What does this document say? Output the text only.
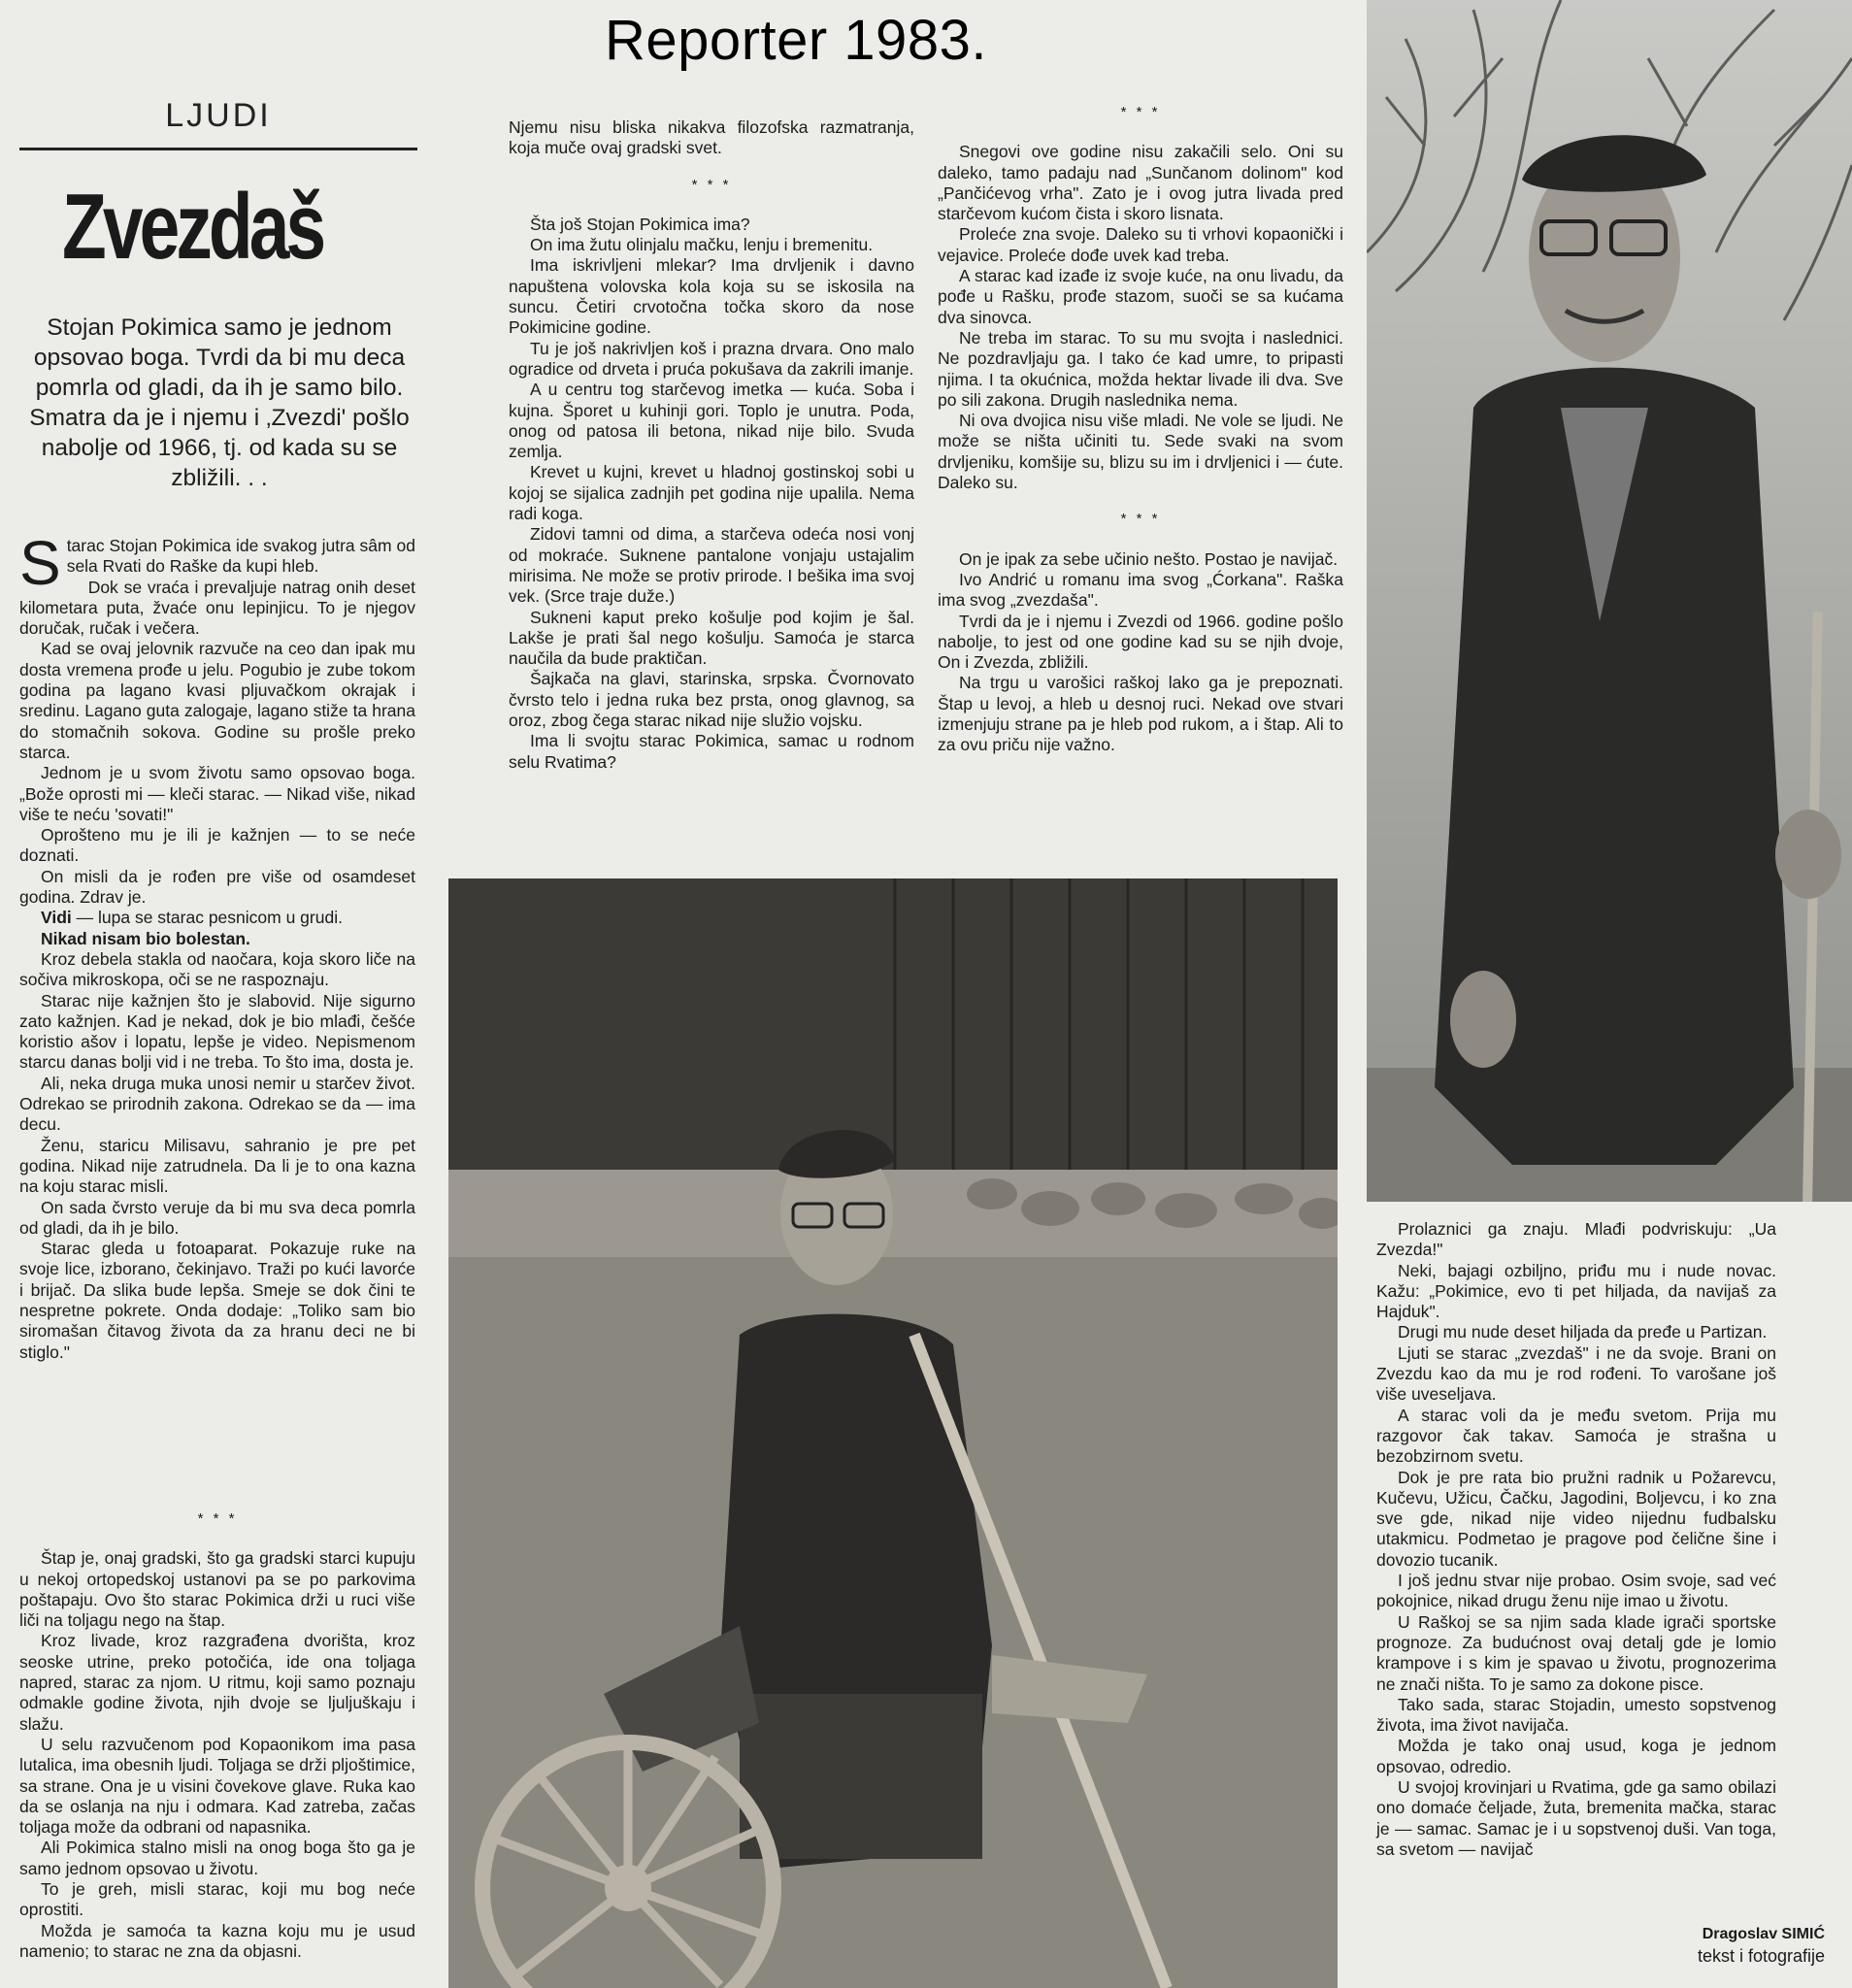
Reporter 1983.
LJUDI
Zvezdaš
Stojan Pokimica samo je jednom opsovao boga. Tvrdi da bi mu deca pomrla od gladi, da ih je samo bilo. Smatra da je i njemu i ‚Zvezdi' pošlo nabolje od 1966, tj. od kada su se zbližili. . .

Starac Stojan Pokimica ide svakog jutra sâm od sela Rvati do Raške da kupi hleb.

Dok se vraća i prevaljuje natrag onih deset kilometara puta, žvaće onu lepinjicu. To je njegov doručak, ručak i večera.

Kad se ovaj jelovnik razvuče na ceo dan ipak mu dosta vremena prođe u jelu. Pogubio je zube tokom godina pa lagano kvasi pljuvačkom okrajak i sredinu. Lagano guta zalogaje, lagano stiže ta hrana do stomačnih sokova. Godine su prošle preko starca.

Jednom je u svom životu samo opsovao boga. „Bože oprosti mi — kleči starac. — Nikad više, nikad više te neću 'sovati!"

Oprošteno mu je ili je kažnjen — to se neće doznati.

On misli da je rođen pre više od osamdeset godina. Zdrav je.

Vidi — lupa se starac pesnicom u grudi.

Nikad nisam bio bolestan.

Kroz debela stakla od naočara, koja skoro liče na sočiva mikroskopa, oči se ne raspoznaju.

Starac nije kažnjen što je slabovid. Nije sigurno zato kažnjen. Kad je nekad, dok je bio mlađi, češće koristio ašov i lopatu, lepše je video. Nepismenom starcu danas bolji vid i ne treba. To što ima, dosta je.

Ali, neka druga muka unosi nemir u starčev život. Odrekao se prirodnih zakona. Odrekao se da — ima decu.

Ženu, staricu Milisavu, sahranio je pre pet godina. Nikad nije zatrudnela. Da li je to ona kazna na koju starac misli.

On sada čvrsto veruje da bi mu sva deca pomrla od gladi, da ih je bilo.

Starac gleda u fotoaparat. Pokazuje ruke na svoje lice, izborano, čekinjavo. Traži po kući lavorće i brijač. Da slika bude lepša. Smeje se dok čini te nespretne pokrete. Onda dodaje: „Toliko sam bio siromašan čitavog života da za hranu deci ne bi stiglo."

* * *

Štap je, onaj gradski, što ga gradski starci kupuju u nekoj ortopedskoj ustanovi pa se po parkovima poštapaju. Ovo što starac Pokimica drži u ruci više liči na toljagu nego na štap.

Kroz livade, kroz razgrađena dvorišta, kroz seoske utrine, preko potočića, ide ona toljaga napred, starac za njom. U ritmu, koji samo poznaju odmakle godine života, njih dvoje se ljuljuškaju i slažu.

U selu razvučenom pod Kopaonikom ima pasa lutalica, ima obesnih ljudi. Toljaga se drži pljoštimice, sa strane. Ona je u visini čovekove glave. Ruka kao da se oslanja na nju i odmara. Kad zatreba, začas toljaga može da odbrani od napasnika.

Ali Pokimica stalno misli na onog boga što ga je samo jednom opsovao u životu.

To je greh, misli starac, koji mu bog neće oprostiti.

Možda je samoća ta kazna koju mu je usud namenio; to starac ne zna da objasni.

Njemu nisu bliska nikakva filozofska razmatranja, koja muče ovaj gradski svet.

* * *

Šta još Stojan Pokimica ima?

On ima žutu olinjalu mačku, lenju i bremenitu.

Ima iskrivljeni mlekar? Ima drvljenik i davno napuštena volovska kola koja su se iskosila na suncu. Četiri crvotočna točka skoro da nose Pokimicine godine.

Tu je još nakrivljen koš i prazna drvara. Ono malo ogradice od drveta i pruća pokušava da zakrili imanje.

A u centru tog starčevog imetka — kuća. Soba i kujna. Šporet u kuhinji gori. Toplo je unutra. Poda, onog od patosa ili betona, nikad nije bilo. Svuda zemlja.

Krevet u kujni, krevet u hladnoj gostinskoj sobi u kojoj se sijalica zadnjih pet godina nije upalila. Nema radi koga.

Zidovi tamni od dima, a starčeva odeća nosi vonj od mokraće. Suknene pantalone vonjaju ustajalim mirisima. Ne može se protiv prirode. I bešika ima svoj vek. (Srce traje duže.)

Sukneni kaput preko košulje pod kojim je šal. Lakše je prati šal nego košulju. Samoća je starca naučila da bude praktičan.

Šajkača na glavi, starinska, srpska. Čvornovato čvrsto telo i jedna ruka bez prsta, onog glavnog, sa oroz, zbog čega starac nikad nije služio vojsku.

Ima li svojtu starac Pokimica, samac u rodnom selu Rvatima?

* * *

Snegovi ove godine nisu zakačili selo. Oni su daleko, tamo padaju nad „Sunčanom dolinom" kod „Pančićevog vrha". Zato je i ovog jutra livada pred starčevom kućom čista i skoro lisnata.

Proleće zna svoje. Daleko su ti vrhovi kopaonički i vejavice. Proleće dođe uvek kad treba.

A starac kad izađe iz svoje kuće, na onu livadu, da pođe u Rašku, prođe stazom, suoči se sa kućama dva sinovca.

Ne treba im starac. To su mu svojta i naslednici. Ne pozdravljaju ga. I tako će kad umre, to pripasti njima. I ta okućnica, možda hektar livade ili dva. Sve po sili zakona. Drugih naslednika nema.

Ni ova dvojica nisu više mladi. Ne vole se ljudi. Ne može se ništa učiniti tu. Sede svaki na svom drvljeniku, komšije su, blizu su im i drvljenici i — ćute. Daleko su.

* * *

On je ipak za sebe učinio nešto. Postao je navijač.

Ivo Andrić u romanu ima svog „Ćorkana". Raška ima svog „zvezdaša".

Tvrdi da je i njemu i Zvezdi od 1966. godine pošlo nabolje, to jest od one godine kad su se njih dvoje, On i Zvezda, zbližili.

Na trgu u varošici raškoj lako ga je prepoznati. Štap u levoj, a hleb u desnoj ruci. Nekad ove stvari izmenjuju strane pa je hleb pod rukom, a i štap. Ali to za ovu priču nije važno.

Prolaznici ga znaju. Mlađi podvriskuju: „Ua Zvezda!"

Neki, bajagi ozbiljno, priđu mu i nude novac. Kažu: „Pokimice, evo ti pet hiljada, da navijaš za Hajduk".

Drugi mu nude deset hiljada da pređe u Partizan.

Ljuti se starac „zvezdaš" i ne da svoje. Brani on Zvezdu kao da mu je rod rođeni. To varošane još više uveseljava.

A starac voli da je među svetom. Prija mu razgovor čak takav. Samoća je strašna u bezobzirnom svetu.

Dok je pre rata bio pružni radnik u Požarevcu, Kučevu, Užicu, Čačku, Jagodini, Boljevcu, i ko zna sve gde, nikad nije video nijednu fudbalsku utakmicu. Podmetao je pragove pod čelične šine i dovozio tucanik.

I još jednu stvar nije probao. Osim svoje, sad već pokojnice, nikad drugu ženu nije imao u životu.

U Raškoj se sa njim sada klade igrači sportske prognoze. Za budućnost ovaj detalj gde je lomio krampove i s kim je spavao u životu, prognozerima ne znači ništa. To je samo za dokone pisce.

Tako sada, starac Stojadin, umesto sopstvenog života, ima život navijača.

Možda je tako onaj usud, koga je jednom opsovao, odredio.

U svojoj krovinjari u Rvatima, gde ga samo obilazi ono domaće čeljade, žuta, bremenita mačka, starac je — samac. Samac je i u sopstvenoj duši. Van toga, sa svetom — navijač

Dragoslav SIMIĆ
tekst i fotografije
